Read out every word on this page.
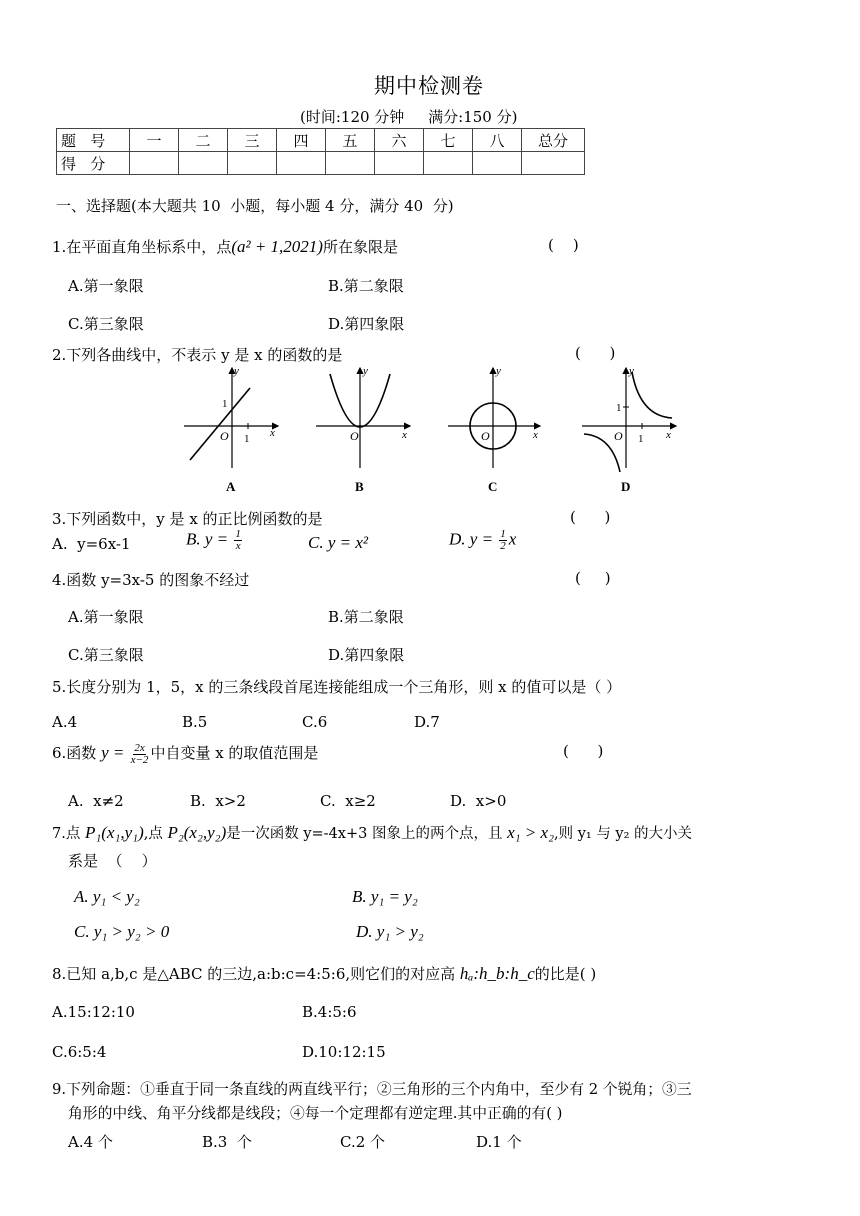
期中检测卷
(时间:120 分钟     满分:150 分)
题   号	一	二	三	四	五	六	七	八	总分
得   分									
一、选择题(本大题共 10  小题，每小题 4 分，满分 40  分)
1.在平面直角坐标系中，点(a² + 1,2021)所在象限是	(    )
A.第一象限	B.第二象限
C.第三象限	D.第四象限
2.下列各曲线中，不表示 y 是 x 的函数的是	(      )
y
x
O 1
1
A
y
x
O
B
y
x
O
C
y
x
O 1
1
D
3.下列函数中，y 是 x 的正比例函数的是	(      )
A.  y=6x-1	B. $y = \frac{1}{x}$	C. y = x²	D. $y = \frac{1}{2}$ x
4.函数 y=3x-5 的图象不经过	(     )
A.第一象限	B.第二象限
C.第三象限	D.第四象限
5.长度分别为 1，5，x 的三条线段首尾连接能组成一个三角形，则 x 的值可以是（ ）
A.4	B.5	C.6	D.7
6.函数 $y = \frac{2x}{x-2}$ 中自变量 x 的取值范围是	(      )
A.  x≠2	B.  x>2	C.  x≥2	D.  x>0
7.点 P₁(x₁,y₁),点 P₂(x₂,y₂)是一次函数 y=-4x+3 图象上的两个点，且 x₁ > x₂,则 y₁ 与 y₂ 的大小关
系是  （    ）
A. y₁ < y₂	B. y₁ = y₂
C. y₁ > y₂ > 0	D. y₁ > y₂
8.已知 a,b,c 是△ABC 的三边,a:b:c=4:5:6,则它们的对应高 hₐ:h_b:h_c的比是( )
A.15:12:10	B.4:5:6
C.6:5:4	D.10:12:15
9.下列命题：①垂直于同一条直线的两直线平行；②三角形的三个内角中，至少有 2 个锐角；③三
角形的中线、角平分线都是线段；④每一个定理都有逆定理.其中正确的有( )
A.4 个	B.3  个	C.2 个	D.1 个
